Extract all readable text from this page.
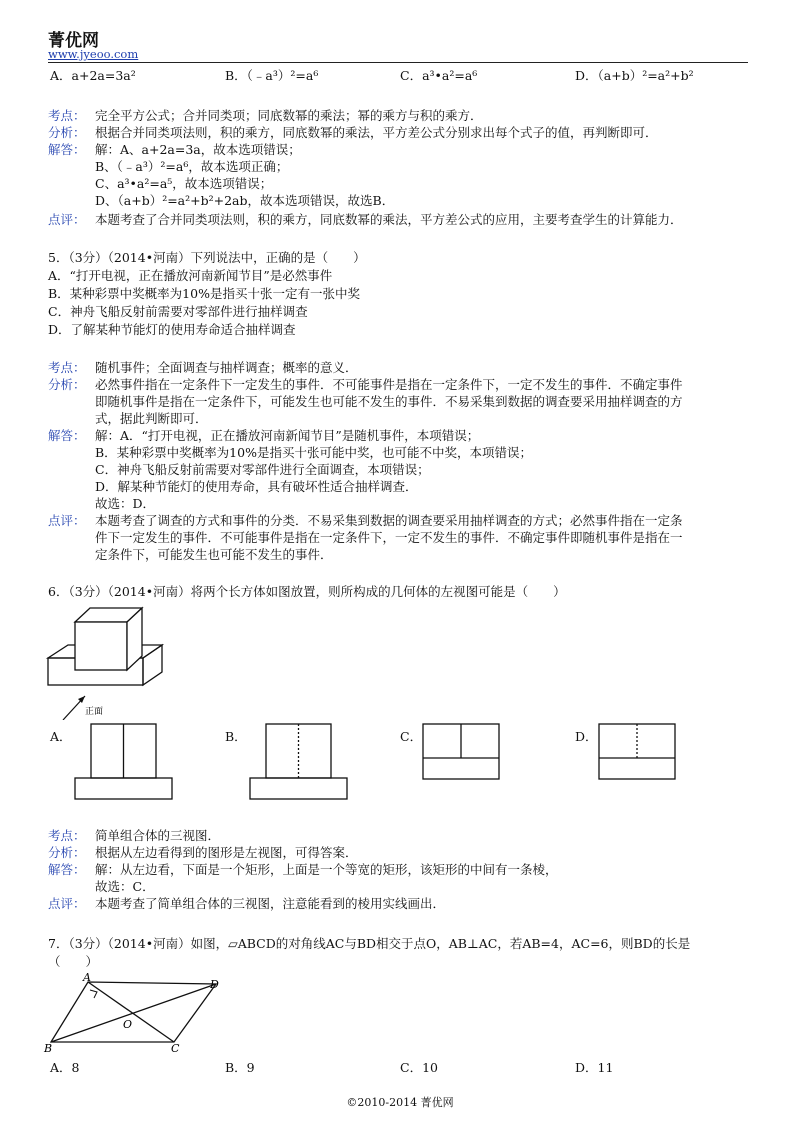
菁优网
www.jyeoo.com
A．a+2a=3a²	B．（﹣a³）²=a⁶	C．a³•a²=a⁶	D．（a+b）²=a²+b²
考点： 完全平方公式；合并同类项；同底数幂的乘法；幂的乘方与积的乘方．
分析： 根据合并同类项法则，积的乘方，同底数幂的乘法，平方差公式分别求出每个式子的值，再判断即可．
解答： 解：A、a+2a=3a，故本选项错误；
B、（﹣a³）²=a⁶，故本选项正确；
C、a³•a²=a⁵，故本选项错误；
D、（a+b）²=a²+b²+2ab，故本选项错误，故选B．
点评： 本题考查了合并同类项法则，积的乘方，同底数幂的乘法，平方差公式的应用，主要考查学生的计算能力．
5．（3分）（2014•河南）下列说法中，正确的是（　　）
A．“打开电视，正在播放河南新闻节目”是必然事件
B．某种彩票中奖概率为10%是指买十张一定有一张中奖
C．神舟飞船反射前需要对零部件进行抽样调查
D．了解某种节能灯的使用寿命适合抽样调查
考点： 随机事件；全面调查与抽样调查；概率的意义．
分析： 必然事件指在一定条件下一定发生的事件．不可能事件是指在一定条件下，一定不发生的事件．不确定事件
即随机事件是指在一定条件下，可能发生也可能不发生的事件．不易采集到数据的调查要采用抽样调查的方
式，据此判断即可．
解答： 解：A．“打开电视，正在播放河南新闻节目”是随机事件，本项错误；
B．某种彩票中奖概率为10%是指买十张可能中奖，也可能不中奖，本项错误；
C．神舟飞船反射前需要对零部件进行全面调查，本项错误；
D．解某种节能灯的使用寿命，具有破坏性适合抽样调查．
故选：D．
点评： 本题考查了调查的方式和事件的分类．不易采集到数据的调查要采用抽样调查的方式；必然事件指在一定条
件下一定发生的事件．不可能事件是指在一定条件下，一定不发生的事件．不确定事件即随机事件是指在一
定条件下，可能发生也可能不发生的事件．
6．（3分）（2014•河南）将两个长方体如图放置，则所构成的几何体的左视图可能是（　　）
正面
A．	B．	C．	D．
考点： 简单组合体的三视图．
分析： 根据从左边看得到的图形是左视图，可得答案．
解答： 解：从左边看，下面是一个矩形，上面是一个等宽的矩形，该矩形的中间有一条棱，
故选：C．
点评： 本题考查了简单组合体的三视图，注意能看到的棱用实线画出．
7．（3分）（2014•河南）如图，▱ABCD的对角线AC与BD相交于点O，AB⊥AC，若AB=4，AC=6，则BD的长是
（　　）
A
D
O
B	C
A．8	B．9	C．10	D．11
©2010-2014 菁优网
